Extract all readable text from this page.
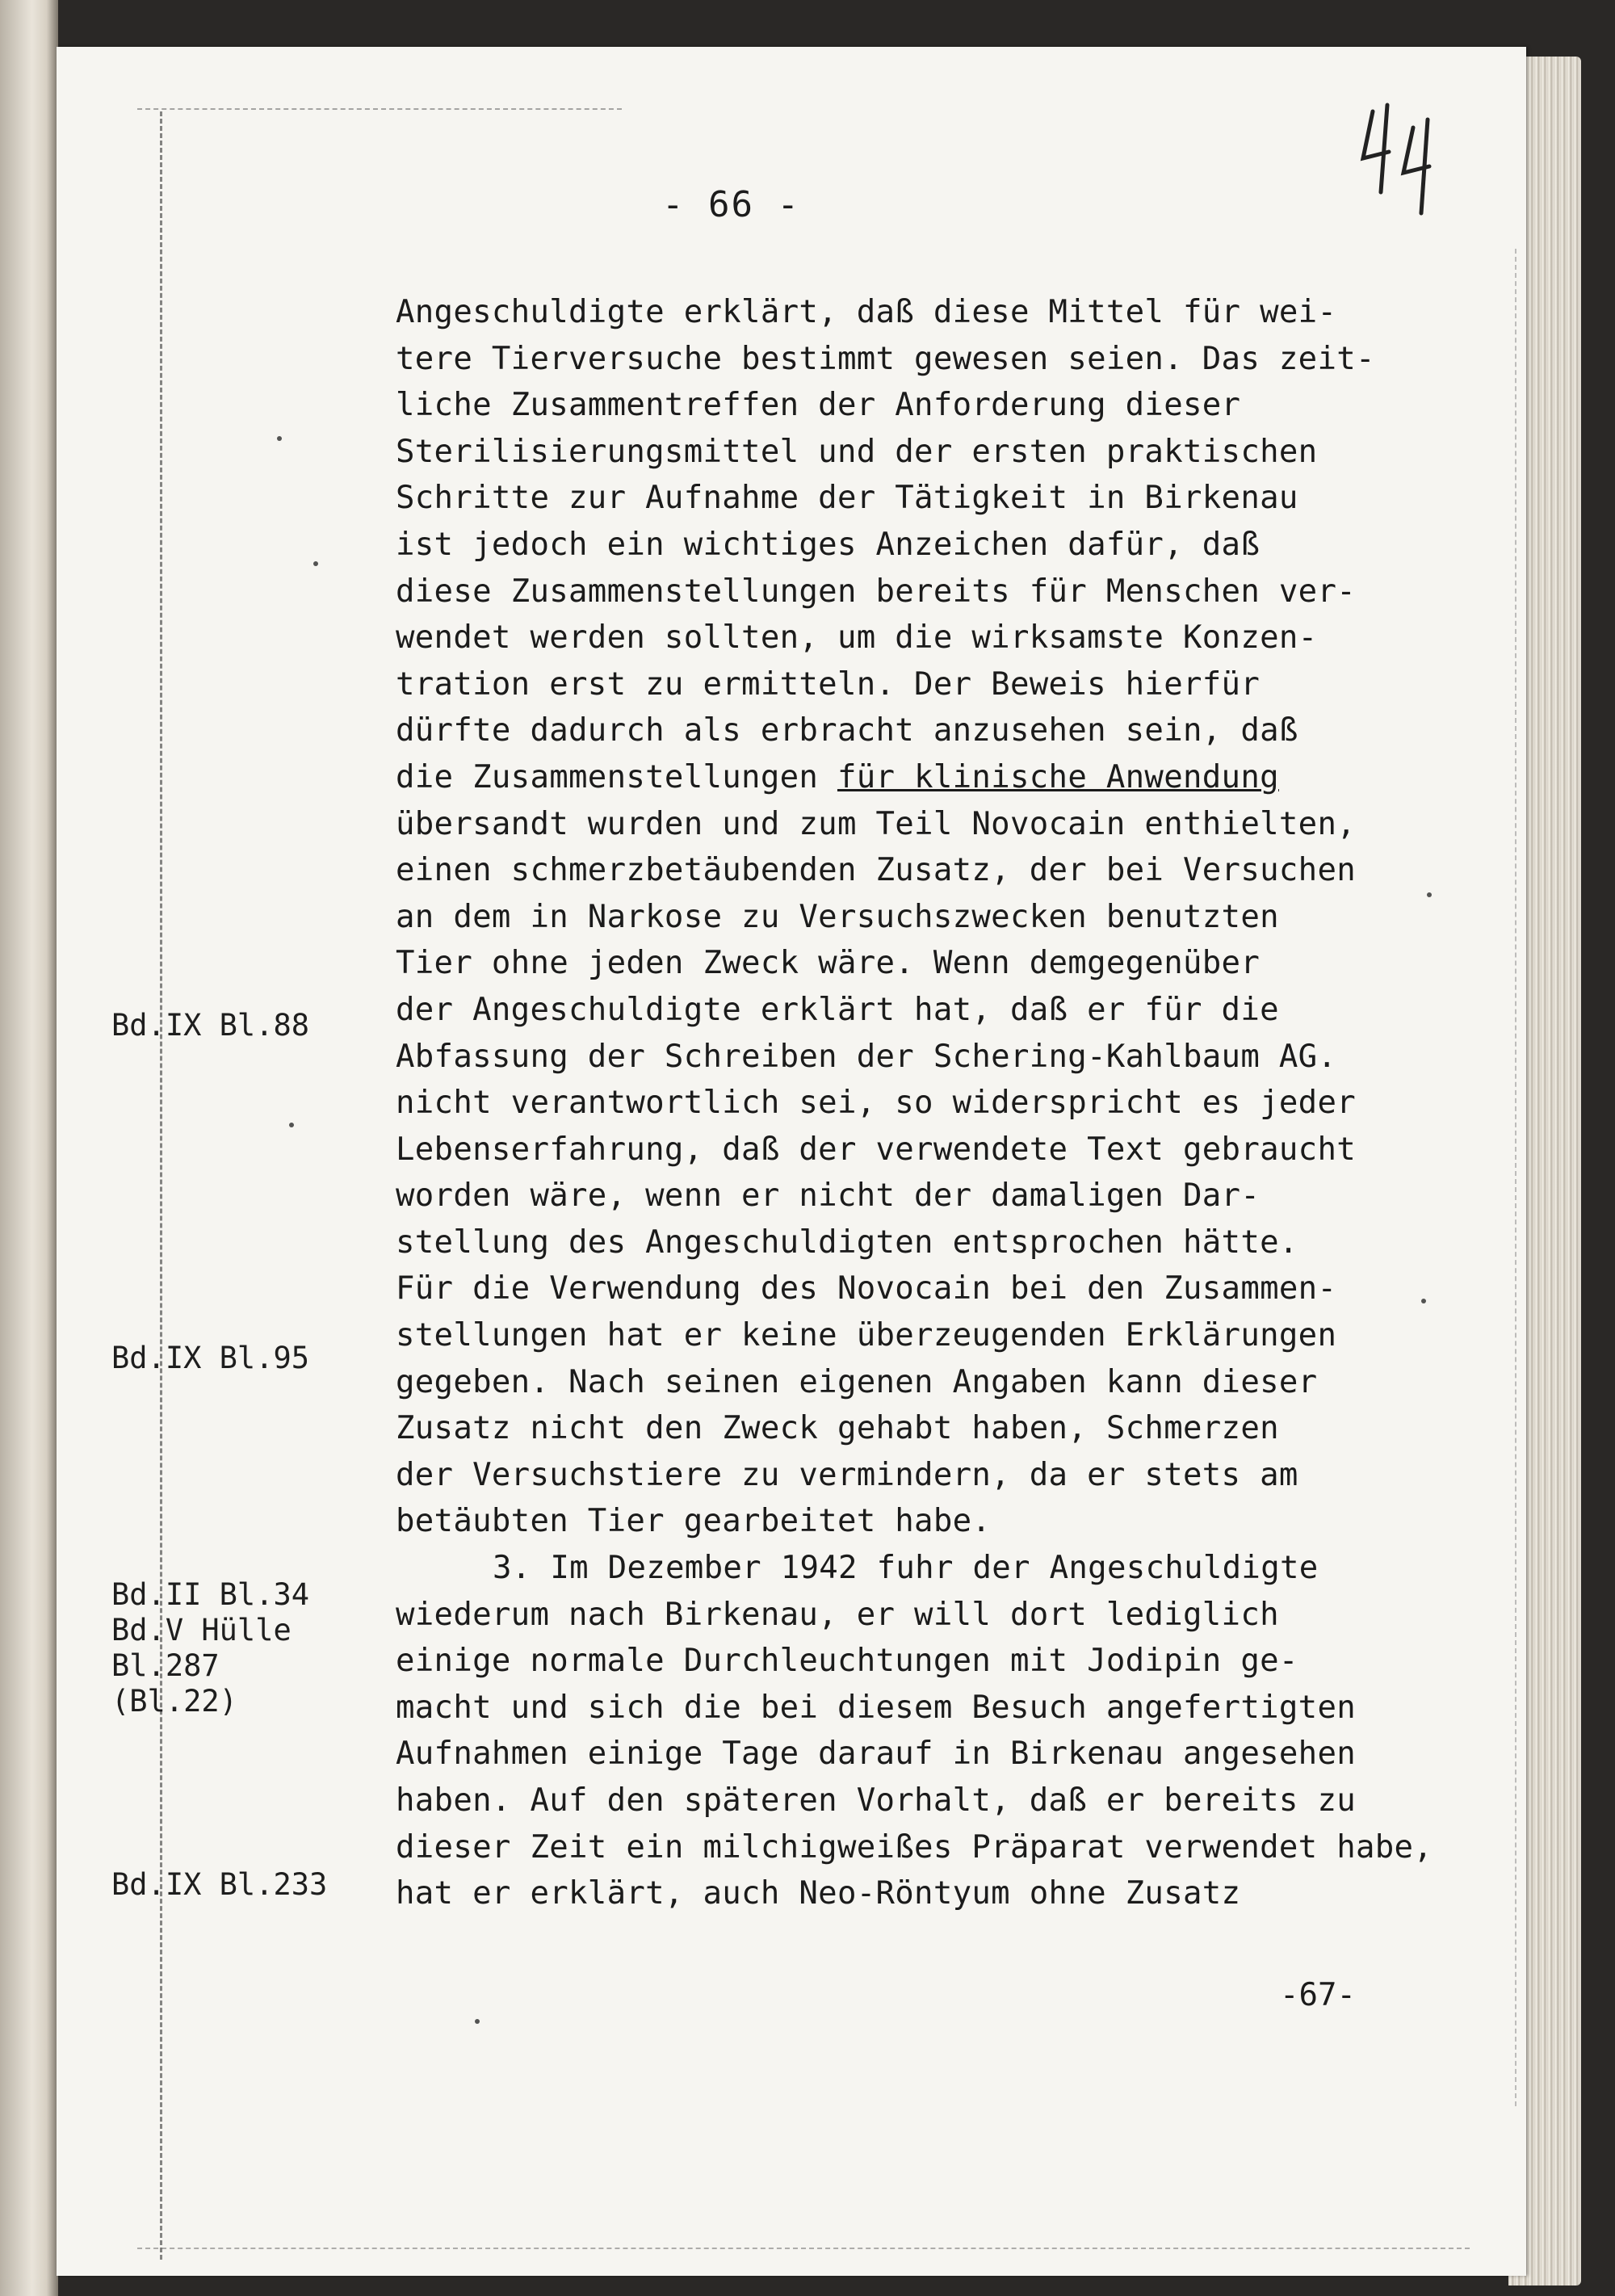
- 66 -
Bd.IX Bl.88
Bd.IX Bl.95
Bd.II Bl.34
Bd.V Hülle
Bl.287
(Bl.22)
Bd.IX Bl.233
Angeschuldigte erklärt, daß diese Mittel für wei-
tere Tierversuche bestimmt gewesen seien. Das zeit-
liche Zusammentreffen der Anforderung dieser
Sterilisierungsmittel und der ersten praktischen
Schritte zur Aufnahme der Tätigkeit in Birkenau
ist jedoch ein wichtiges Anzeichen dafür, daß
diese Zusammenstellungen bereits für Menschen ver-
wendet werden sollten, um die wirksamste Konzen-
tration erst zu ermitteln. Der Beweis hierfür
dürfte dadurch als erbracht anzusehen sein, daß
die Zusammenstellungen für klinische Anwendung
übersandt wurden und zum Teil Novocain enthielten,
einen schmerzbetäubenden Zusatz, der bei Versuchen
an dem in Narkose zu Versuchszwecken benutzten
Tier ohne jeden Zweck wäre. Wenn demgegenüber
der Angeschuldigte erklärt hat, daß er für die
Abfassung der Schreiben der Schering-Kahlbaum AG.
nicht verantwortlich sei, so widerspricht es jeder
Lebenserfahrung, daß der verwendete Text gebraucht
worden wäre, wenn er nicht der damaligen Dar-
stellung des Angeschuldigten entsprochen hätte.
Für die Verwendung des Novocain bei den Zusammen-
stellungen hat er keine überzeugenden Erklärungen
gegeben. Nach seinen eigenen Angaben kann dieser
Zusatz nicht den Zweck gehabt haben, Schmerzen
der Versuchstiere zu vermindern, da er stets am
betäubten Tier gearbeitet habe.
3. Im Dezember 1942 fuhr der Angeschuldigte
wiederum nach Birkenau, er will dort lediglich
einige normale Durchleuchtungen mit Jodipin ge-
macht und sich die bei diesem Besuch angefertigten
Aufnahmen einige Tage darauf in Birkenau angesehen
haben. Auf den späteren Vorhalt, daß er bereits zu
dieser Zeit ein milchigweißes Präparat verwendet habe,
hat er erklärt, auch Neo-Röntyum ohne Zusatz
-67-
